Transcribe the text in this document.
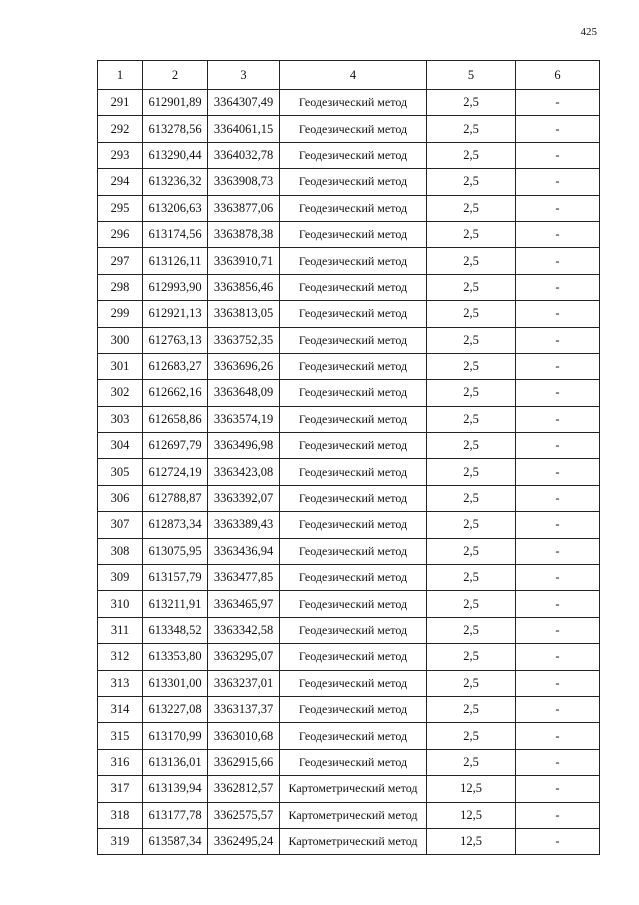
425
1	2	3	4	5	6
291	612901,89	3364307,49	Геодезический метод	2,5	-
292	613278,56	3364061,15	Геодезический метод	2,5	-
293	613290,44	3364032,78	Геодезический метод	2,5	-
294	613236,32	3363908,73	Геодезический метод	2,5	-
295	613206,63	3363877,06	Геодезический метод	2,5	-
296	613174,56	3363878,38	Геодезический метод	2,5	-
297	613126,11	3363910,71	Геодезический метод	2,5	-
298	612993,90	3363856,46	Геодезический метод	2,5	-
299	612921,13	3363813,05	Геодезический метод	2,5	-
300	612763,13	3363752,35	Геодезический метод	2,5	-
301	612683,27	3363696,26	Геодезический метод	2,5	-
302	612662,16	3363648,09	Геодезический метод	2,5	-
303	612658,86	3363574,19	Геодезический метод	2,5	-
304	612697,79	3363496,98	Геодезический метод	2,5	-
305	612724,19	3363423,08	Геодезический метод	2,5	-
306	612788,87	3363392,07	Геодезический метод	2,5	-
307	612873,34	3363389,43	Геодезический метод	2,5	-
308	613075,95	3363436,94	Геодезический метод	2,5	-
309	613157,79	3363477,85	Геодезический метод	2,5	-
310	613211,91	3363465,97	Геодезический метод	2,5	-
311	613348,52	3363342,58	Геодезический метод	2,5	-
312	613353,80	3363295,07	Геодезический метод	2,5	-
313	613301,00	3363237,01	Геодезический метод	2,5	-
314	613227,08	3363137,37	Геодезический метод	2,5	-
315	613170,99	3363010,68	Геодезический метод	2,5	-
316	613136,01	3362915,66	Геодезический метод	2,5	-
317	613139,94	3362812,57	Картометрический метод	12,5	-
318	613177,78	3362575,57	Картометрический метод	12,5	-
319	613587,34	3362495,24	Картометрический метод	12,5	-
